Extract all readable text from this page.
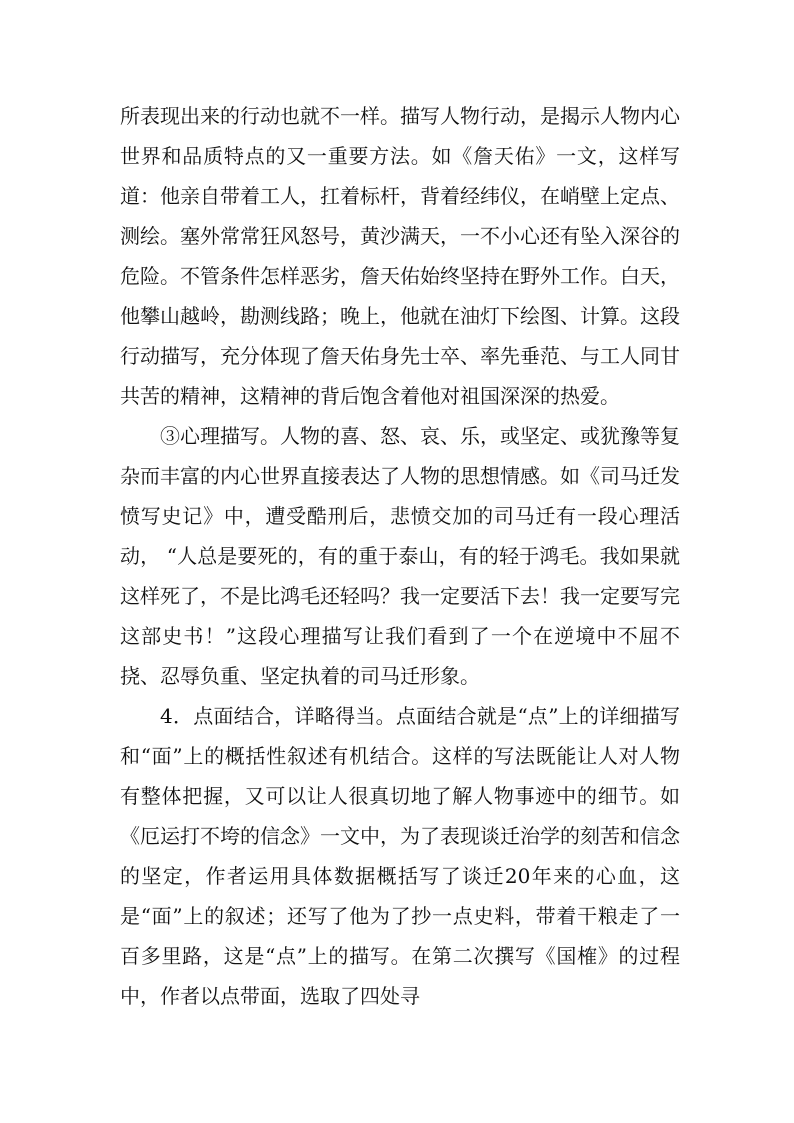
所表现出来的行动也就不一样。描写人物行动，是揭示人物内心世界和品质特点的又一重要方法。如《詹天佑》一文，这样写道：他亲自带着工人，扛着标杆，背着经纬仪，在峭壁上定点、测绘。塞外常常狂风怒号，黄沙满天，一不小心还有坠入深谷的危险。不管条件怎样恶劣，詹天佑始终坚持在野外工作。白天，他攀山越岭，勘测线路；晚上，他就在油灯下绘图、计算。这段行动描写，充分体现了詹天佑身先士卒、率先垂范、与工人同甘共苦的精神，这精神的背后饱含着他对祖国深深的热爱。

③心理描写。人物的喜、怒、哀、乐，或坚定、或犹豫等复杂而丰富的内心世界直接表达了人物的思想情感。如《司马迁发愤写史记》中，遭受酷刑后，悲愤交加的司马迁有一段心理活动， “人总是要死的，有的重于泰山，有的轻于鸿毛。我如果就这样死了，不是比鸿毛还轻吗？我一定要活下去！我一定要写完这部史书！”这段心理描写让我们看到了一个在逆境中不屈不挠、忍辱负重、坚定执着的司马迁形象。

4．点面结合，详略得当。点面结合就是“点”上的详细描写和“面”上的概括性叙述有机结合。这样的写法既能让人对人物有整体把握，又可以让人很真切地了解人物事迹中的细节。如《厄运打不垮的信念》一文中，为了表现谈迁治学的刻苦和信念的坚定，作者运用具体数据概括写了谈迁20年来的心血，这是“面”上的叙述；还写了他为了抄一点史料，带着干粮走了一百多里路，这是“点”上的描写。在第二次撰写《国榷》的过程中，作者以点带面，选取了四处寻
